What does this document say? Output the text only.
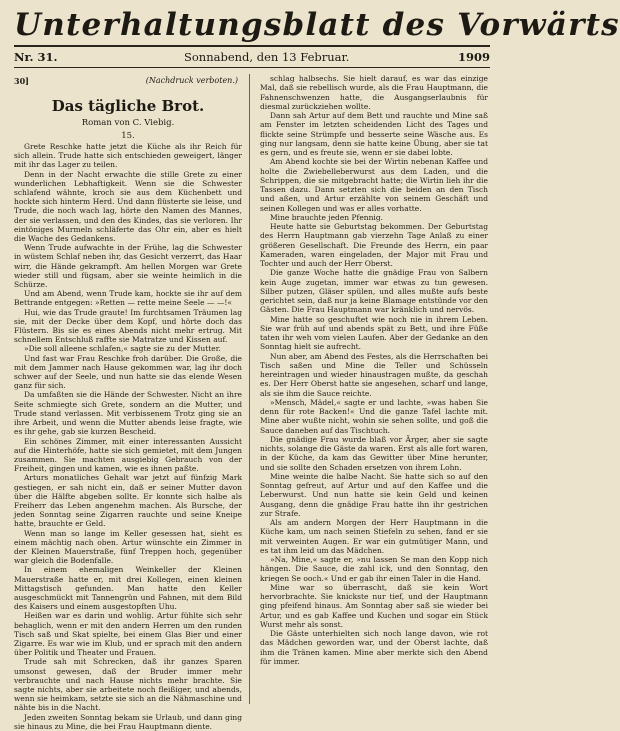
Unterhaltungsblatt des Vorwärts
Nr. 31.	Sonnabend, den 13 Februar.	1909
30]	(Nachdruck verboten.)
Das tägliche Brot.
Roman von C. Viebig.
15.

Grete Reschke hatte jetzt die Küche als ihr Reich für sich allein. Trude hatte sich entschieden geweigert, länger mit ihr das Lager zu teilen.

Denn in der Nacht erwachte die stille Grete zu einer wunderlichen Lebhaftigkeit. Wenn sie die Schwester schlafend wähnte, kroch sie aus dem Küchenbett und hockte sich hinterm Herd. Und dann flüsterte sie leise, und Trude, die noch wach lag, hörte den Namen des Mannes, der sie verlassen, und den des Kindes, das sie verloren. Ihr eintöniges Murmeln schläferte das Ohr ein, aber es hielt die Wache des Gedankens.

Wenn Trude aufwachte in der Frühe, lag die Schwester in wüstem Schlaf neben ihr, das Gesicht verzerrt, das Haar wirr, die Hände gekrampft. Am hellen Morgen war Grete wieder still und fügsam, aber sie weinte heimlich in die Schürze.

Und am Abend, wenn Trude kam, hockte sie ihr auf dem Bettrande entgegen: »Retten — rette meine Seele — —!«

Hui, wie das Trude graute! Im furchtsamen Träumen lag sie, mit der Decke über dem Kopf, und hörte doch das Flüstern. Bis sie es eines Abends nicht mehr ertrug. Mit schnellem Entschluß raffte sie Matratze und Kissen auf.

»Die soll alleene schlafen,« sagte sie zu der Mutter.

Und fast war Frau Reschke froh darüber. Die Große, die mit dem Jammer nach Hause gekommen war, lag ihr doch schwer auf der Seele, und nun hatte sie das elende Wesen ganz für sich.

Da umfaßten sie die Hände der Schwester. Nicht an ihre Seite schmiegte sich Grete, sondern an die Mutter, und Trude stand verlassen. Mit verbissenem Trotz ging sie an ihre Arbeit, und wenn die Mutter abends leise fragte, wie es ihr gehe, gab sie kurzen Bescheid.

Ein schönes Zimmer, mit einer interessanten Aussicht auf die Hinterhöfe, hatte sie sich gemietet, mit dem Jungen zusammen. Sie machten ausgiebig Gebrauch von der Freiheit, gingen und kamen, wie es ihnen paßte.

Arturs monatliches Gehalt war jetzt auf fünfzig Mark gestiegen, er sah nicht ein, daß er seiner Mutter davon über die Hälfte abgeben sollte. Er konnte sich halbe als Freiherr das Leben angenehm machen. Als Bursche, der jeden Sonntag seine Zigarren rauchte und seine Kneipe hatte, brauchte er Geld.

Wenn man so lange im Keller gesessen hat, sieht es einem mächtig nach oben. Artur wünschte ein Zimmer in der Kleinen Mauerstraße, fünf Treppen hoch, gegenüber war gleich die Bodenfalle.

In einem ehemaligen Weinkeller der Kleinen Mauerstraße hatte er, mit drei Kollegen, einen kleinen Mittagstisch gefunden. Man hatte den Keller ausgeschmückt mit Tannengrün und Fahnen, mit dem Bild des Kaisers und einem ausgestopften Uhu.

Heißen war es darin und wohlig. Artur fühlte sich sehr behaglich, wenn er mit den andern Herren um den runden Tisch saß und Skat spielte, bei einem Glas Bier und einer Zigarre. Es war wie im Klub, und er sprach mit den andern über Politik und Theater und Frauen.

Trude sah mit Schrecken, daß ihr ganzes Sparen umsonst gewesen, daß der Bruder immer mehr verbrauchte und nach Hause nichts mehr brachte. Sie sagte nichts, aber sie arbeitete noch fleißiger, und abends, wenn sie heimkam, setzte sie sich an die Nähmaschine und nähte bis in die Nacht.

Jeden zweiten Sonntag bekam sie Urlaub, und dann ging sie hinaus zu Mine, die bei Frau Hauptmann diente.

schlag halbsechs. Sie hielt darauf, es war das einzige Mal, daß sie rebellisch wurde, als die Frau Hauptmann, die Fahnenschwenzen hatte, die Ausgangserlaubnis für diesmal zurückziehen wollte.

Dann sah Artur auf dem Bett und rauchte und Mine saß am Fenster im letzten scheidenden Licht des Tages und flickte seine Strümpfe und besserte seine Wäsche aus. Es ging nur langsam, denn sie hatte keine Übung, aber sie tat es gern, und es freute sie, wenn er sie dabei lobte.

Am Abend kochte sie bei der Wirtin nebenan Kaffee und holte die Zwiebelleberwurst aus dem Laden, und die Schrippen, die sie mitgebracht hatte; die Wirtin lieh ihr die Tassen dazu. Dann setzten sich die beiden an den Tisch und aßen, und Artur erzählte von seinem Geschäft und seinen Kollegen und was er alles vorhatte.

Mine brauchte jeden Pfennig.

Heute hatte sie Geburtstag bekommen. Der Geburtstag des Herrn Hauptmann gab vierzehn Tage Anlaß zu einer größeren Gesellschaft. Die Freunde des Herrn, ein paar Kameraden, waren eingeladen, der Major mit Frau und Tochter und auch der Herr Oberst.

Die ganze Woche hatte die gnädige Frau von Salbern kein Auge zugetan, immer war etwas zu tun gewesen. Silber putzen, Gläser spülen, und alles mußte aufs beste gerichtet sein, daß nur ja keine Blamage entstünde vor den Gästen. Die Frau Hauptmann war kränklich und nervös.

Mine hatte so geschuftet wie noch nie in ihrem Leben. Sie war früh auf und abends spät zu Bett, und ihre Füße taten ihr weh vom vielen Laufen. Aber der Gedanke an den Sonntag hielt sie aufrecht.

Nun aber, am Abend des Festes, als die Herrschaften bei Tisch saßen und Mine die Teller und Schüsseln hereintragen und wieder hinaustragen mußte, da geschah es. Der Herr Oberst hatte sie angesehen, scharf und lange, als sie ihm die Sauce reichte.

»Mensch, Mädel,« sagte er und lachte, »was haben Sie denn für rote Backen!« Und die ganze Tafel lachte mit. Mine aber wußte nicht, wohin sie sehen sollte, und goß die Sauce daneben auf das Tischtuch.

Die gnädige Frau wurde blaß vor Ärger, aber sie sagte nichts, solange die Gäste da waren. Erst als alle fort waren, in der Küche, da kam das Gewitter über Mine herunter, und sie sollte den Schaden ersetzen von ihrem Lohn.

Mine weinte die halbe Nacht. Sie hatte sich so auf den Sonntag gefreut, auf Artur und auf den Kaffee und die Leberwurst. Und nun hatte sie kein Geld und keinen Ausgang, denn die gnädige Frau hatte ihn ihr gestrichen zur Strafe.

Als am andern Morgen der Herr Hauptmann in die Küche kam, um nach seinen Stiefeln zu sehen, fand er sie mit verweinten Augen. Er war ein gutmütiger Mann, und es tat ihm leid um das Mädchen.

»Na, Mine,« sagte er, »nu lassen Se man den Kopp nich hängen. Die Sauce, die zahl ick, und den Sonntag, den kriegen Se ooch.« Und er gab ihr einen Taler in die Hand.

Mine war so überrascht, daß sie kein Wort hervorbrachte. Sie knickste nur tief, und der Hauptmann ging pfeifend hinaus. Am Sonntag aber saß sie wieder bei Artur, und es gab Kaffee und Kuchen und sogar ein Stück Wurst mehr als sonst.

Die Gäste unterhielten sich noch lange davon, wie rot das Mädchen geworden war, und der Oberst lachte, daß ihm die Tränen kamen. Mine aber merkte sich den Abend für immer.
